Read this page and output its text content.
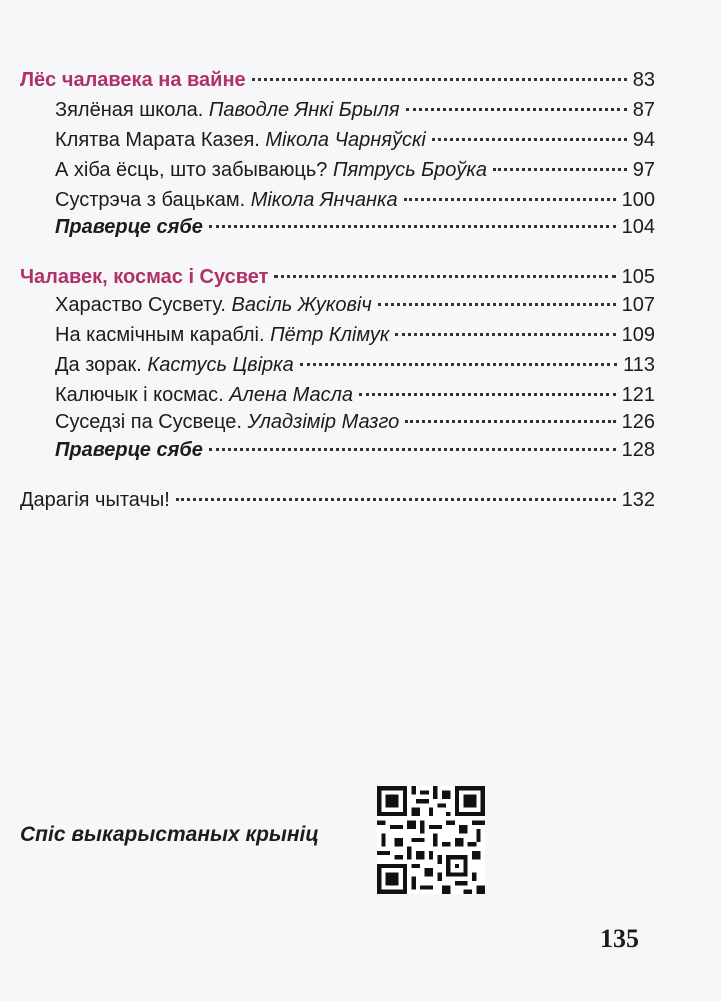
Лёс чалавека на вайне	83
Зялёная школа. Паводле Янкі Брыля	87
Клятва Марата Казея. Мікола Чарняўскі	94
А хіба ёсць, што забываюць? Пятрусь Броўка	97
Сустрэча з бацькам. Мікола Янчанка	100
Праверце сябе	104
Чалавек, космас і Сусвет	105
Харaство Сусвету. Васіль Жуковіч	107
На касмічным караблі. Пётр Клімук	109
Да зорак. Кастусь Цвірка	113
Калючык і космас. Алена Масла	121
Суседзі па Сусвеце. Уладзімір Мазго	126
Праверце сябе	128
Дарагія чытачы!	132
Спіс выкарыстаных крыніц
135
